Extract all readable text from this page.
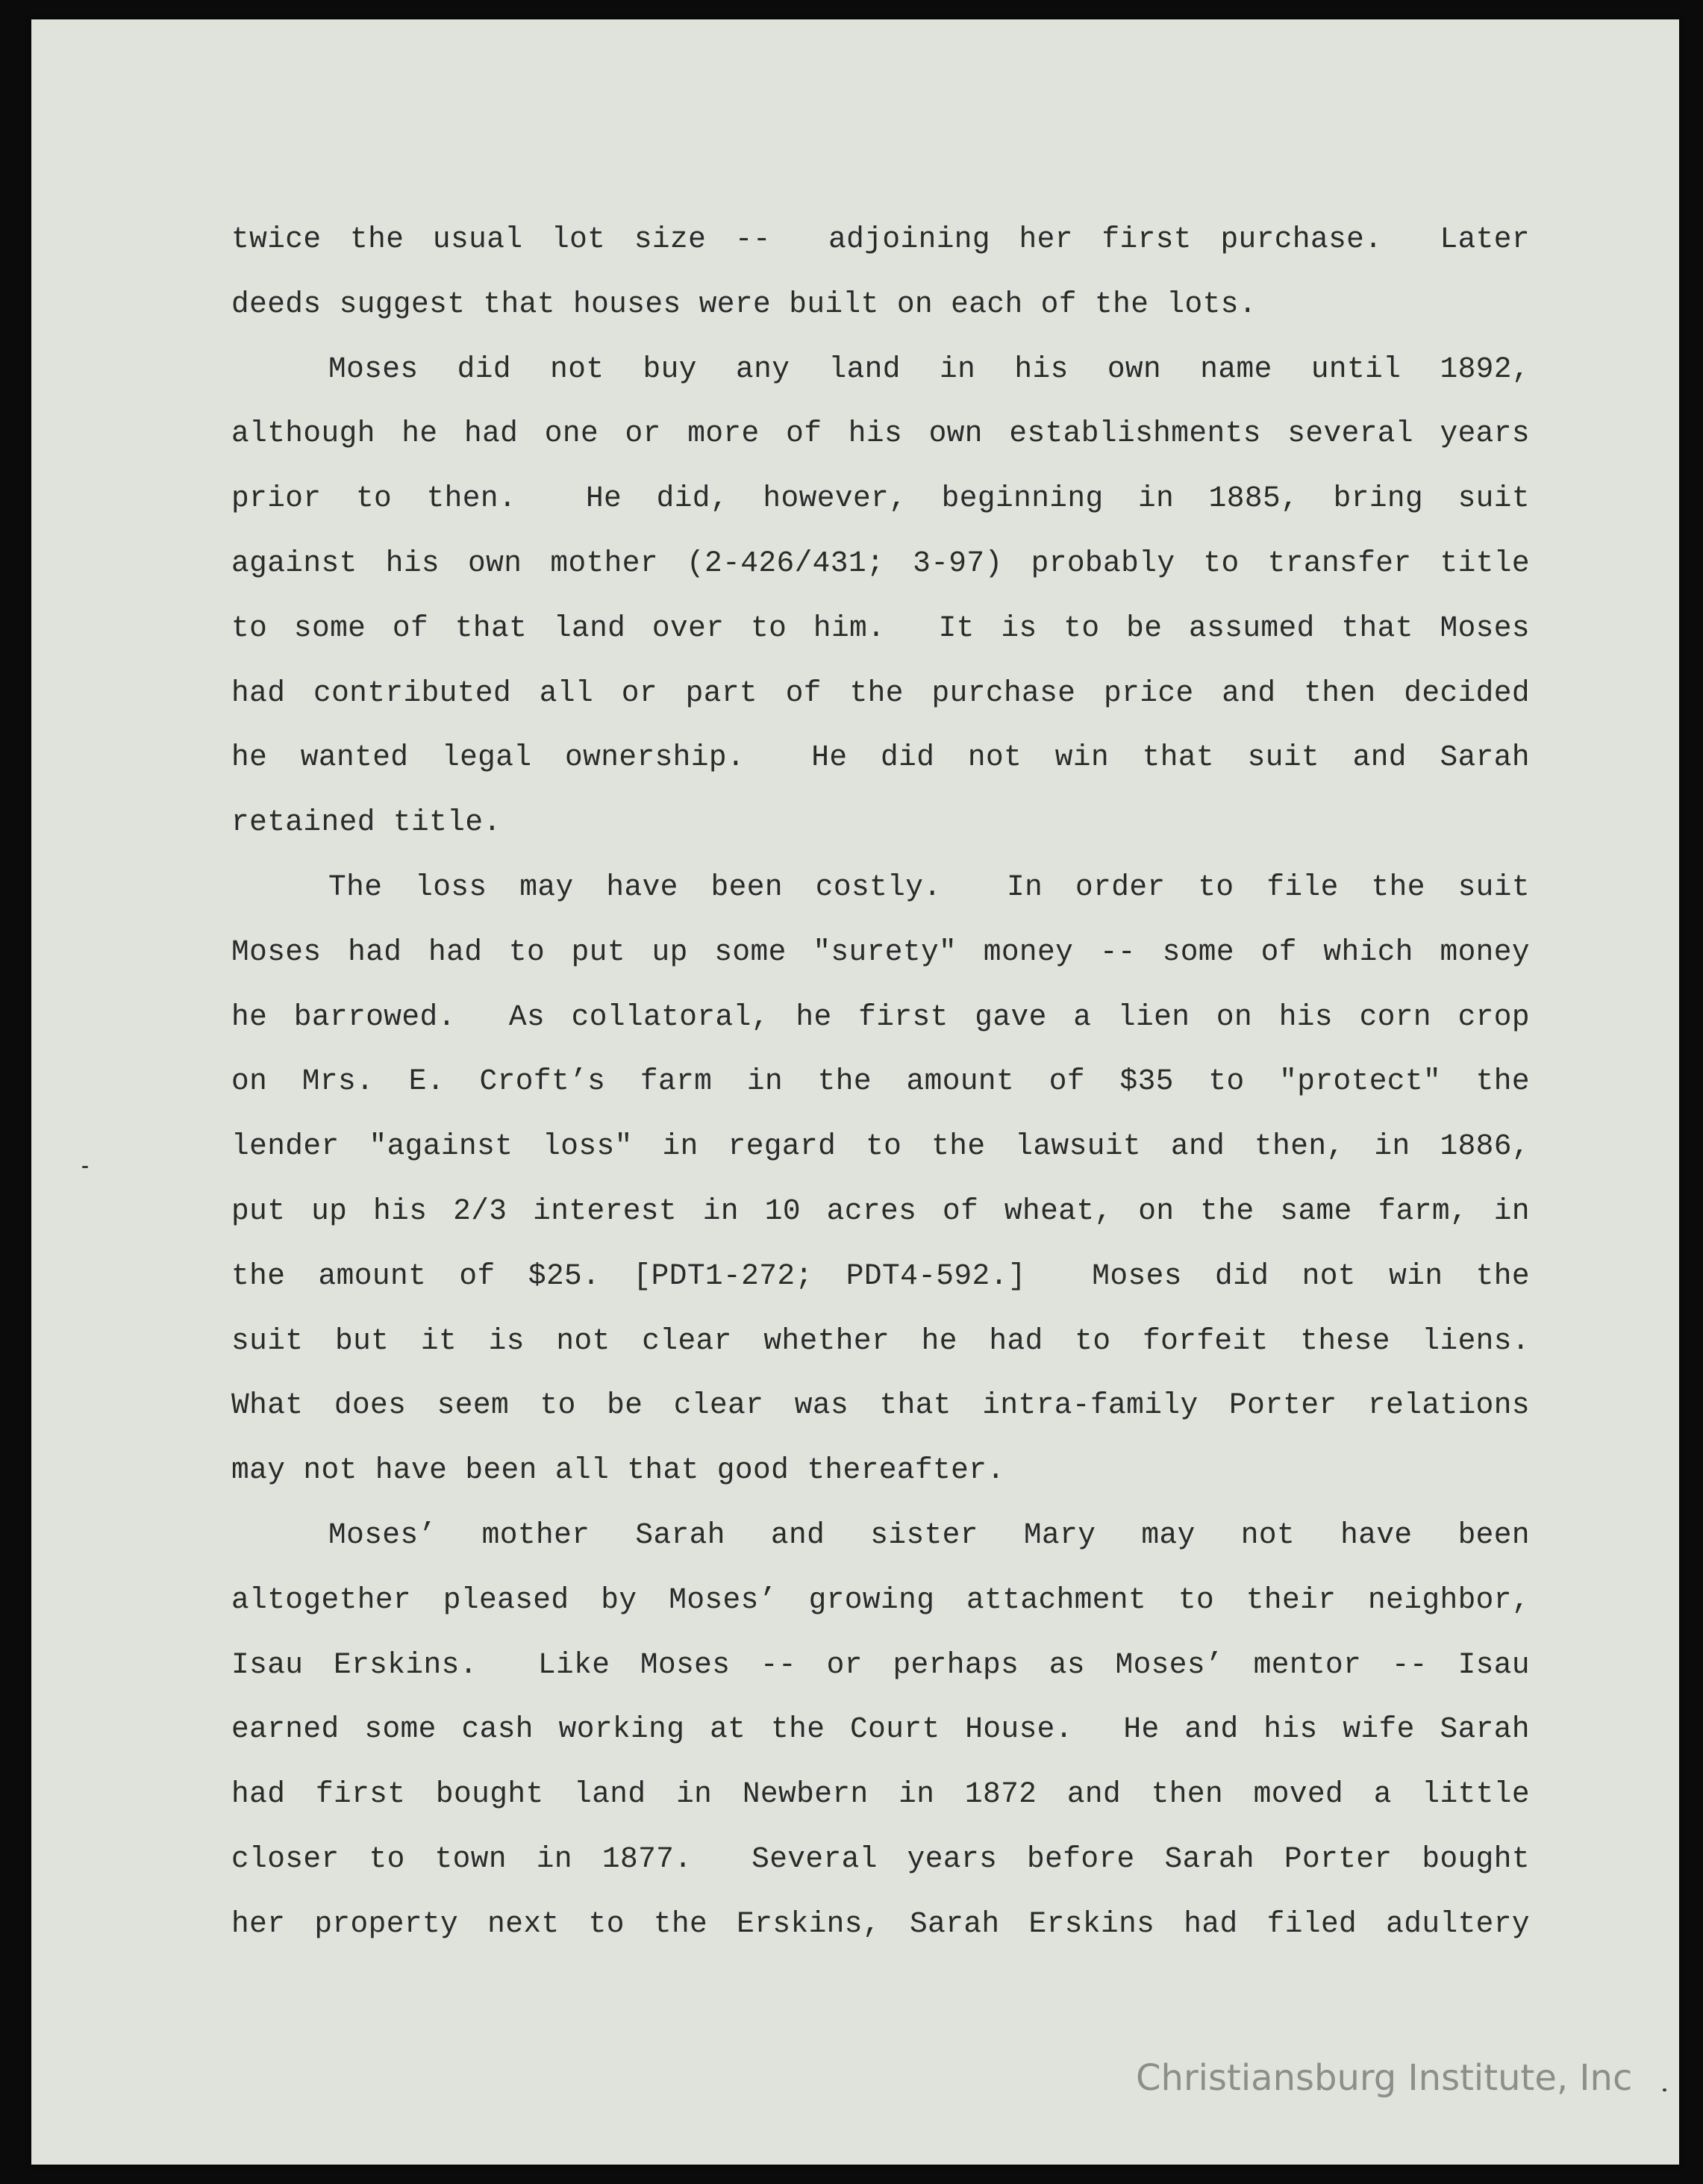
twice the usual lot size --  adjoining her first purchase.  Later
deeds suggest that houses were built on each of the lots.
Moses did not buy any land in his own name until 1892,
although he had one or more of his own establishments several years
prior to then.  He did, however, beginning in 1885, bring suit
against his own mother (2-426/431; 3-97) probably to transfer title
to some of that land over to him.  It is to be assumed that Moses
had contributed all or part of the purchase price and then decided
he wanted legal ownership.  He did not win that suit and Sarah
retained title.
The loss may have been costly.  In order to file the suit
Moses had had to put up some "surety" money -- some of which money
he barrowed.  As collatoral, he first gave a lien on his corn crop
on Mrs. E. Croft’s farm in the amount of $35 to "protect" the
lender "against loss" in regard to the lawsuit and then, in 1886,
put up his 2/3 interest in 10 acres of wheat, on the same farm, in
the amount of $25. [PDT1-272; PDT4-592.]  Moses did not win the
suit but it is not clear whether he had to forfeit these liens.
What does seem to be clear was that intra-family Porter relations
may not have been all that good thereafter.
Moses’ mother Sarah and sister Mary may not have been
altogether pleased by Moses’ growing attachment to their neighbor,
Isau Erskins.  Like Moses -- or perhaps as Moses’ mentor -- Isau
earned some cash working at the Court House.  He and his wife Sarah
had first bought land in Newbern in 1872 and then moved a little
closer to town in 1877.  Several years before Sarah Porter bought
her property next to the Erskins, Sarah Erskins had filed adultery
Christiansburg Institute, Inc
